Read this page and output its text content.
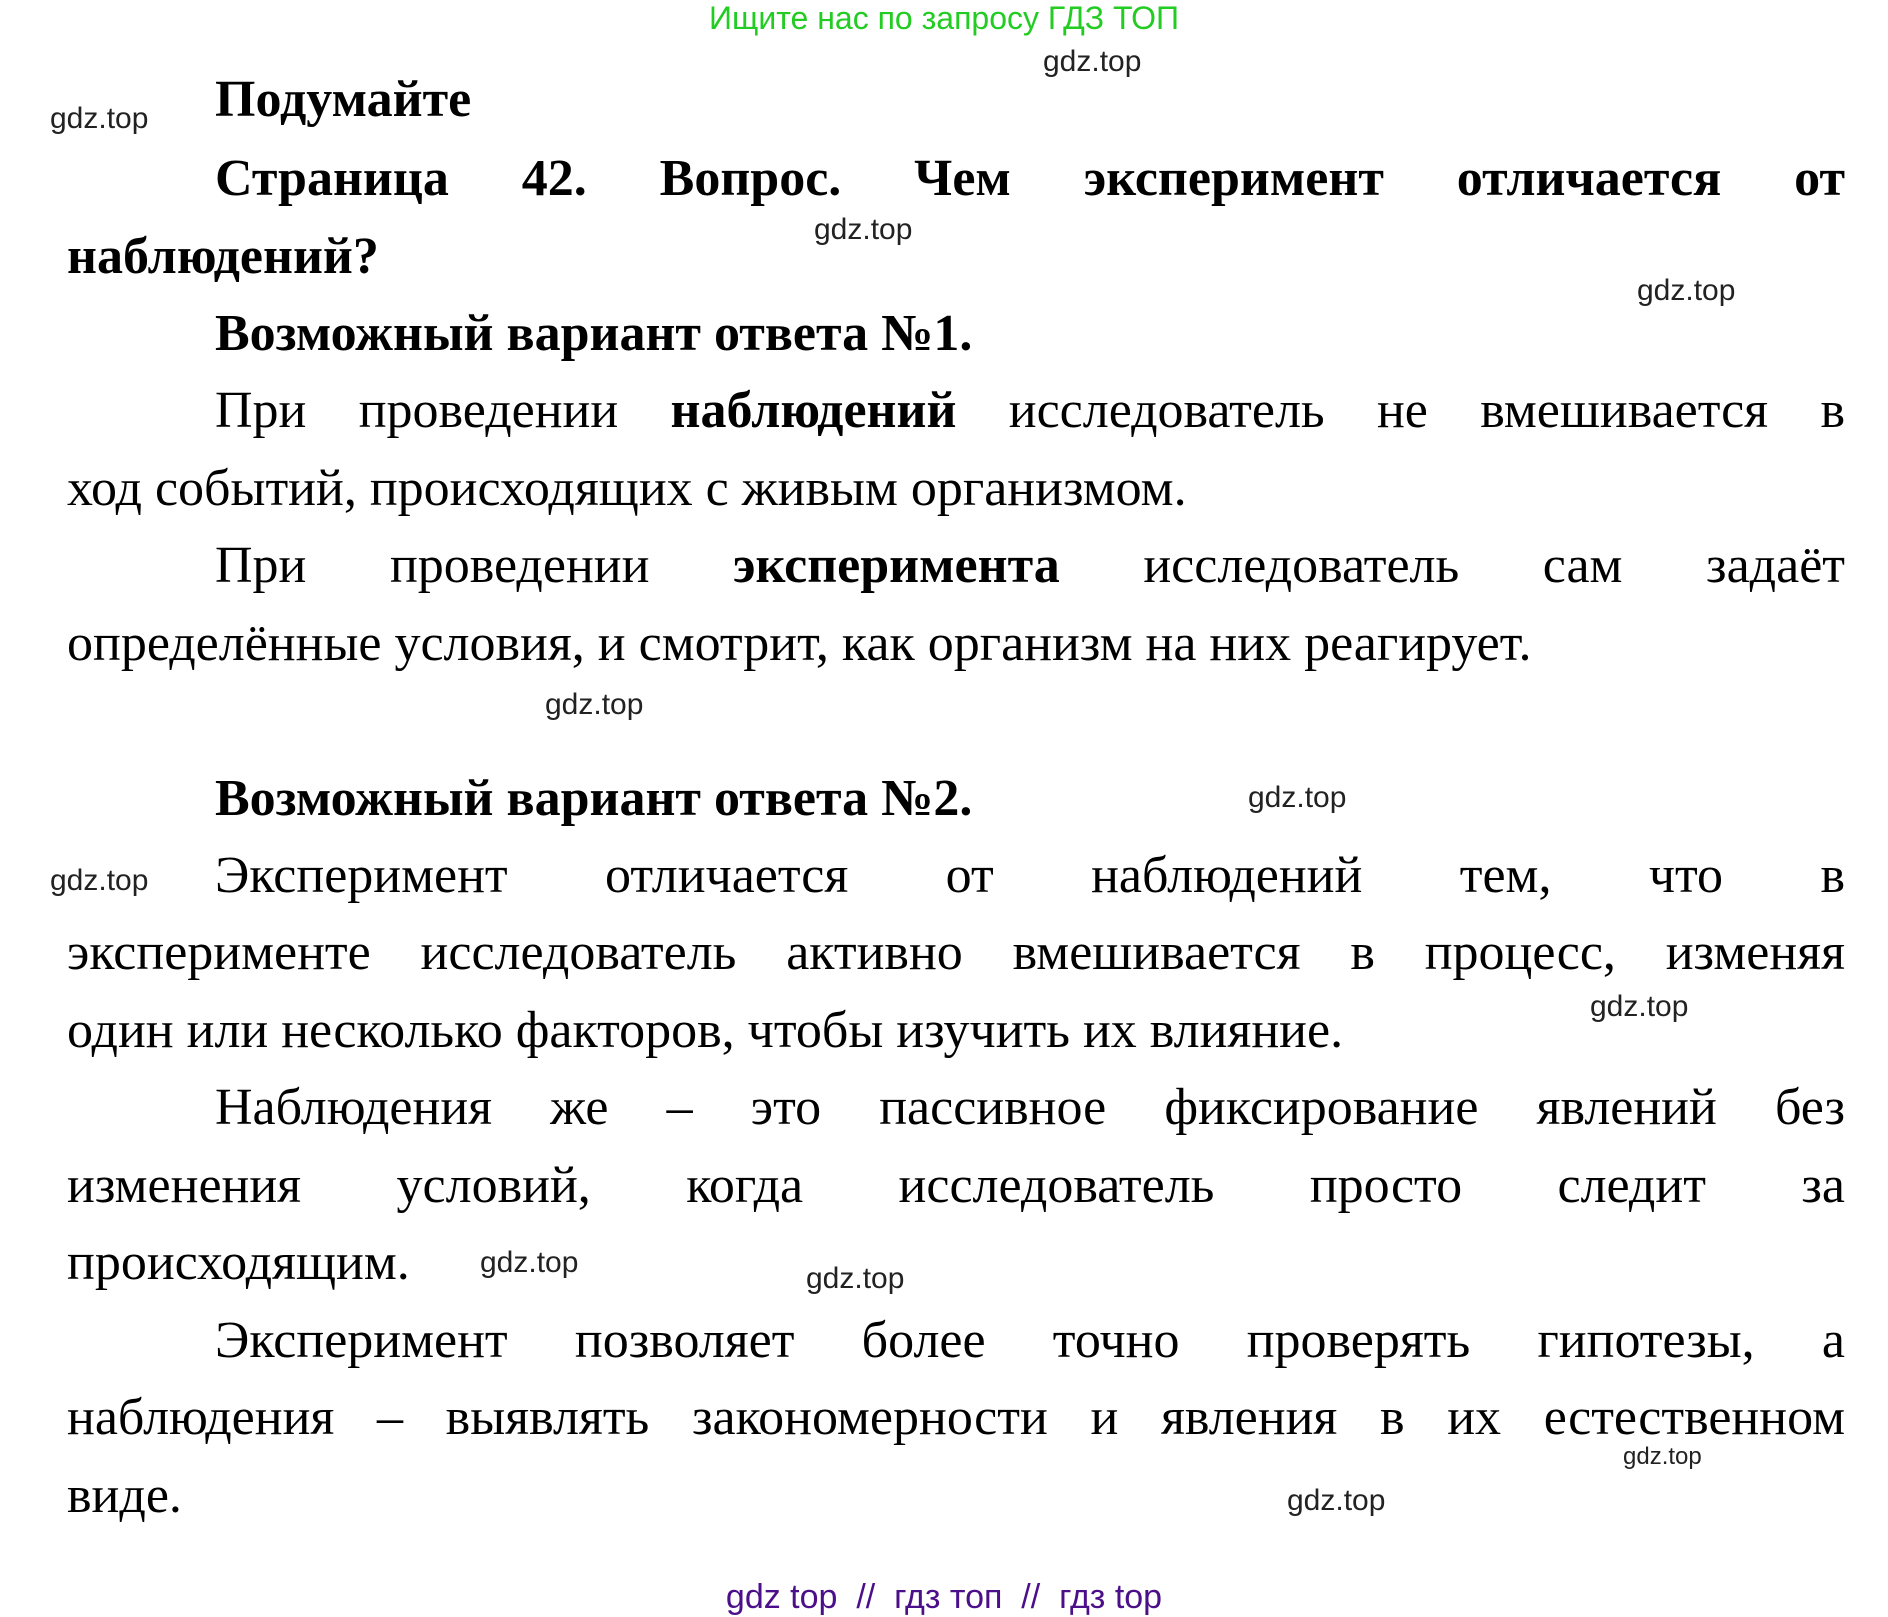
Ищите нас по запросу ГДЗ ТОП
Подумайте
Страница 42. Вопрос. Чем эксперимент отличается от
наблюдений?
Возможный вариант ответа №1.
При проведении наблюдений исследователь не вмешивается в
ход событий, происходящих с живым организмом.
При проведении эксперимента исследователь сам задаёт
определённые условия, и смотрит, как организм на них реагирует.
Возможный вариант ответа №2.
Эксперимент отличается от наблюдений тем, что в
эксперименте исследователь активно вмешивается в процесс, изменяя
один или несколько факторов, чтобы изучить их влияние.
Наблюдения же – это пассивное фиксирование явлений без
изменения условий, когда исследователь просто следит за
происходящим.
Эксперимент позволяет более точно проверять гипотезы, а
наблюдения – выявлять закономерности и явления в их естественном
виде.
gdz.top
gdz.top
gdz.top
gdz.top
gdz.top
gdz.top
gdz.top
gdz.top
gdz.top	gdz.top
gdz.top
gdz.top
gdz top  //  гдз топ  //  гдз top
